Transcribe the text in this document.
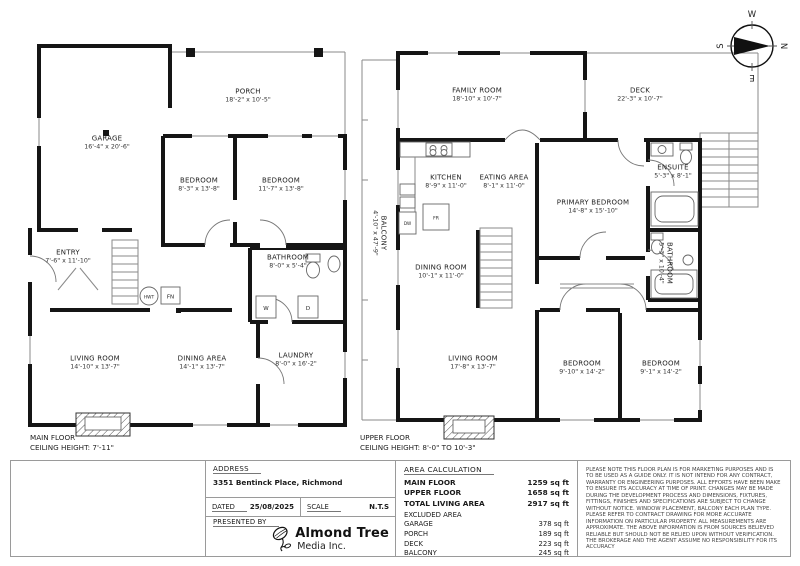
W	D
HWT FN
DW
FR
W
N
E
S
GARAGE
16'-4" x 20'-6"
PORCH
18'-2" x 10'-5"
BEDROOM
8'-3" x 13'-8"
BEDROOM
11'-7" x 13'-8"
ENTRY
7'-6" x 11'-10"	BATHROOM
8'-0" x 5'-4"
LIVING ROOM
14'-10" x 13'-7"
DINING AREA
14'-1" x 13'-7"
LAUNDRY
8'-0" x 16'-2"
FAMILY ROOM
18'-10" x 10'-7"
DECK
22'-3" x 10'-7"
KITCHEN
8'-9" x 11'-0"
EATING AREA
8'-1" x 11'-0"
PRIMARY BEDROOM
14'-8" x 15'-10"
ENSUITE
5'-3" x 8'-1"
BATHROOM
5'-3" x 10'-4"
DINING ROOM
10'-1" x 11'-0"
LIVING ROOM
17'-8" x 13'-7"	BEDROOM
9'-10" x 14'-2"
BEDROOM
9'-1" x 14'-2"
BALCONY
4'-10" x 47'-9"
MAIN FLOOR
CEILING HEIGHT: 7'-11"
UPPER FLOOR
CEILING HEIGHT: 8'-0" TO 10'-3"
ADDRESS
3351 Bentinck Place, Richmond
DATED	25/08/2025 SCALE	N.T.S
PRESENTED BY
Almond Tree
Media Inc.
AREA CALCULATION
MAIN FLOOR	1259 sq ft
UPPER FLOOR	1658 sq ft
TOTAL LIVING AREA	2917 sq ft
EXCLUDED AREA
GARAGE	378 sq ft
PORCH	189 sq ft
DECK	223 sq ft
BALCONY	245 sq ft
PLEASE NOTE THIS FLOOR PLAN IS FOR MARKETING PURPOSES AND IS TO BE USED AS A GUIDE ONLY. IT IS NOT INTEND FOR ANY CONTRACT, WARRANTY OR ENGINEERING PURPOSES. ALL EFFORTS HAVE BEEN MAKE TO ENSURE ITS ACCURACY AT TIME OF PRINT. CHANGES MAY BE MADE DURING THE DEVELOPMENT PROCESS AND DIMENSIONS, FIXTURES, FITTINGS, FINISHES AND SPECIFICATIONS ARE SUBJECT TO CHANGE WITHOUT NOTICE. WINDOW PLACEMENT, BALCONY EACH PLAN TYPE. PLEASE REFER TO CONTRACT DRAWING FOR MORE ACCURATE INFORMATION ON PARTICULAR PROPERTY. ALL MEASUREMENTS ARE APPROXIMATE. THE ABOVE INFORMATION IS FROM SOURCES BELIEVED RELIABLE BUT SHOULD NOT BE RELIED UPON WITHOUT VERIFICATION. THE BROKERAGE AND THE AGENT ASSUME NO RESPONSIBILITY FOR ITS ACCURACY
